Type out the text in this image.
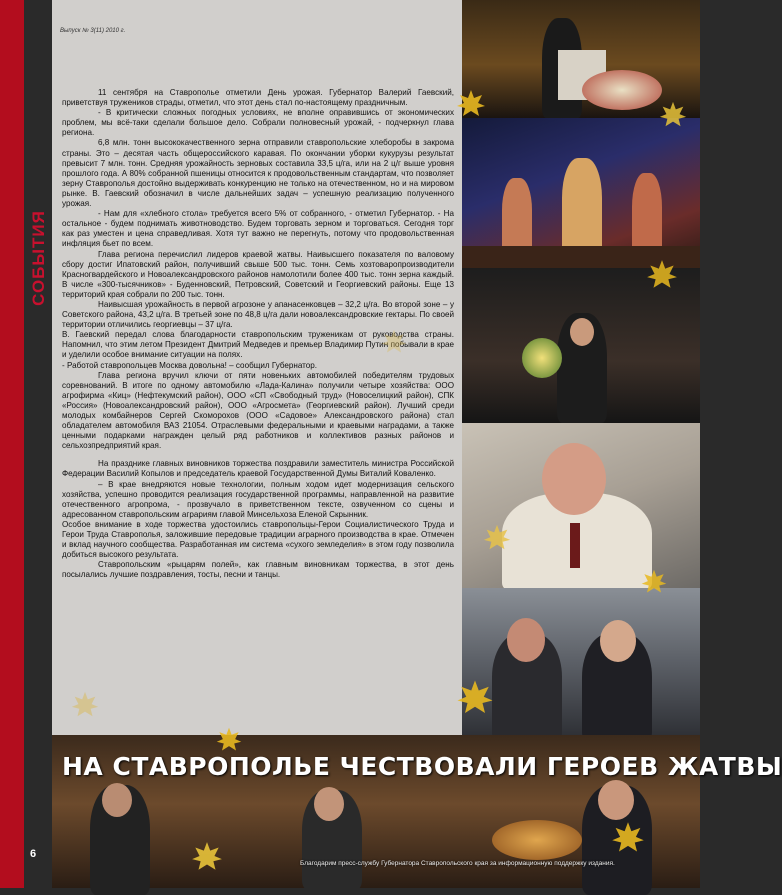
СОБЫТИЯ
Выпуск № 3(11) 2010 г.

11 сентября на Ставрополье отметили День урожая. Губернатор Валерий Гаевский, приветствуя тружеников страды, отметил, что этот день стал по-настоящему праздничным.

- В критически сложных погодных условиях, не вполне оправившись от экономических проблем, мы всё-таки сделали большое дело. Собрали полновесный урожай, - подчеркнул глава региона.

6,8 млн. тонн высококачественного зерна отправили ставропольские хлеборобы в закрома страны. Это – десятая часть общероссийского каравая. По окончании уборки кукурузы результат превысит 7 млн. тонн. Средняя урожайность зерновых составила 33,5 ц/га, или на 2 ц/г выше уровня прошлого года. А 80% собранной пшеницы относится к продовольственным стандартам, что позволяет зерну Ставрополья достойно выдерживать конкуренцию не только на отечественном, но и на мировом рынке. В. Гаевский обозначил в числе дальнейших задач – успешную реализацию полученного урожая.

- Нам для «хлебного стола» требуется всего 5% от собранного, - отметил Губернатор. - На остальное - будем поднимать животноводство. Будем торговать зерном и торговаться. Сегодня торг как раз уместен и цена справедливая. Хотя тут важно не перегнуть, потому что продовольственная инфляция бьет по всем.

Глава региона перечислил лидеров краевой жатвы. Наивысшего показателя по валовому сбору достиг Ипатовский район, получивший свыше 500 тыс. тонн. Семь хозтоваропроизводители Красногвардейского и Новоалександровского районов намолотили более 400 тыс. тонн зерна каждый. В числе «300-тысячников» - Буденновский, Петровский, Советский и Георгиевский районы. Еще 13 территорий края собрали по 200 тыс. тонн.

Наивысшая урожайность в первой агрозоне у апанасенковцев – 32,2 ц/га. Во второй зоне – у Советского района, 43,2 ц/га. В третьей зоне по 48,8 ц/га дали новоалександровские гектары. По своей территории отличились георгиевцы – 37 ц/га.

В. Гаевский передал слова благодарности ставропольским труженикам от руководства страны. Напомнил, что этим летом Президент Дмитрий Медведев и премьер Владимир Путин побывали в крае и уделили особое внимание ситуации на полях.

- Работой ставропольцев Москва довольна! – сообщил Губернатор.

Глава региона вручил ключи от пяти новеньких автомобилей победителям трудовых соревнований. В итоге по одному автомобилю «Лада-Калина» получили четыре хозяйства: ООО агрофирма «Киц» (Нефтекумский район), ООО «СП «Свободный труд» (Новоселицкий район), СПК «Россия» (Новоалександровский район), ООО «Агросмета» (Георгиевский район). Лучший среди молодых комбайнеров Сергей Скоморохов (ООО «Садовое» Александровского района) стал обладателем автомобиля ВАЗ 21054. Отраслевыми федеральными и краевыми наградами, а также ценными подарками награжден целый ряд работников и коллективов разных районов и сельхозпредприятий края.

На празднике главных виновников торжества поздравили заместитель министра Российской Федерации Василий Копылов и председатель краевой Государственной Думы Виталий Коваленко.

– В крае внедряются новые технологии, полным ходом идет модернизация сельского хозяйства, успешно проводится реализация государственной программы, направленной на развитие отечественного агропрома, - прозвучало в приветственном тексте, озвученном со сцены и адресованном ставропольским аграриям главой Минсельхоза Еленой Скрынник.

Особое внимание в ходе торжества удостоились ставропольцы-Герои Социалистического Труда и Герои Труда Ставрополья, заложившие передовые традиции аграрного производства в крае. Отмечен и вклад научного сообщества. Разработанная им система «сухого земледелия» в этом году позволила добиться высокого результата.

Ставропольским «рыцарям полей», как главным виновникам торжества, в этот день посылались лучшие поздравления, тосты, песни и танцы.

НА СТАВРОПОЛЬЕ ЧЕСТВОВАЛИ ГЕРОЕВ ЖАТВЫ
6
Благодарим пресс-службу Губернатора Ставропольского края за информационную поддержку издания.
